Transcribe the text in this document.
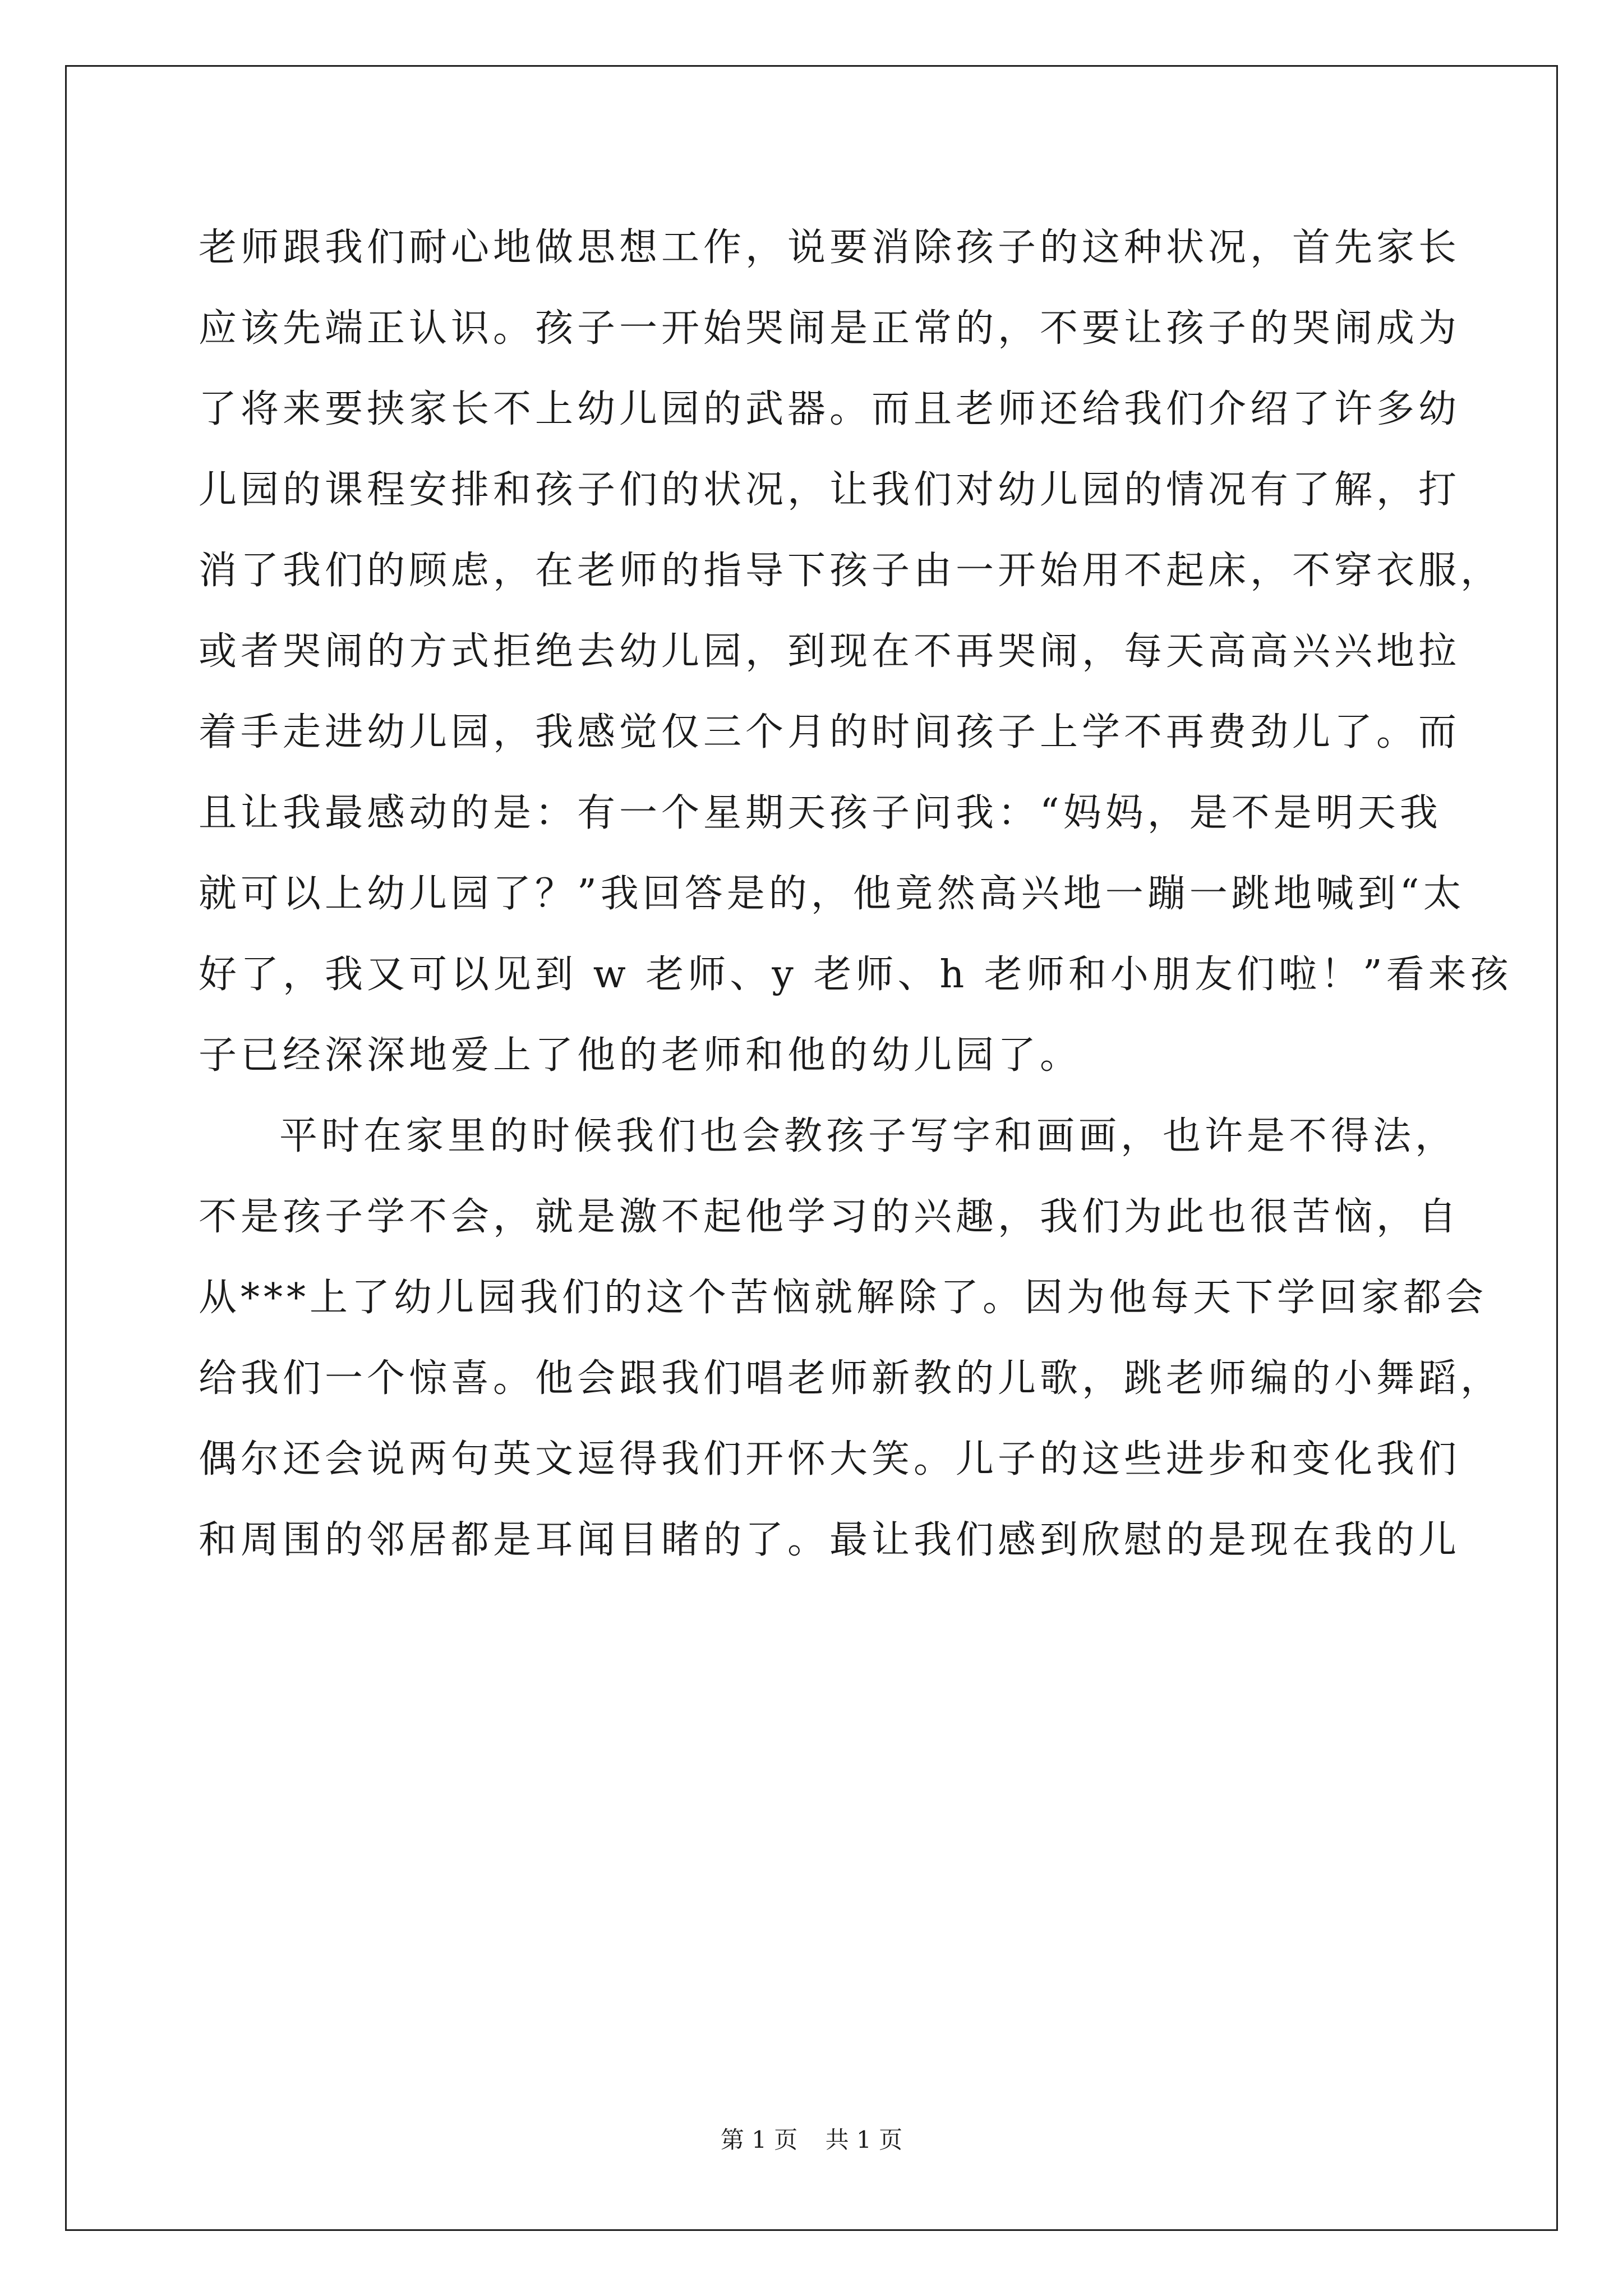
老师跟我们耐心地做思想工作，说要消除孩子的这种状况，首先家长
应该先端正认识。孩子一开始哭闹是正常的，不要让孩子的哭闹成为
了将来要挟家长不上幼儿园的武器。而且老师还给我们介绍了许多幼
儿园的课程安排和孩子们的状况，让我们对幼儿园的情况有了解，打
消了我们的顾虑，在老师的指导下孩子由一开始用不起床，不穿衣服，
或者哭闹的方式拒绝去幼儿园，到现在不再哭闹，每天高高兴兴地拉
着手走进幼儿园，我感觉仅三个月的时间孩子上学不再费劲儿了。而
且让我最感动的是：有一个星期天孩子问我：“妈妈，是不是明天我
就可以上幼儿园了？”我回答是的，他竟然高兴地一蹦一跳地喊到“太
好了，我又可以见到 w 老师、y 老师、h 老师和小朋友们啦！”看来孩
子已经深深地爱上了他的老师和他的幼儿园了。
平时在家里的时候我们也会教孩子写字和画画，也许是不得法，
不是孩子学不会，就是激不起他学习的兴趣，我们为此也很苦恼，自
从***上了幼儿园我们的这个苦恼就解除了。因为他每天下学回家都会
给我们一个惊喜。他会跟我们唱老师新教的儿歌，跳老师编的小舞蹈，
偶尔还会说两句英文逗得我们开怀大笑。儿子的这些进步和变化我们
和周围的邻居都是耳闻目睹的了。最让我们感到欣慰的是现在我的儿
第 1 页 共 1 页
